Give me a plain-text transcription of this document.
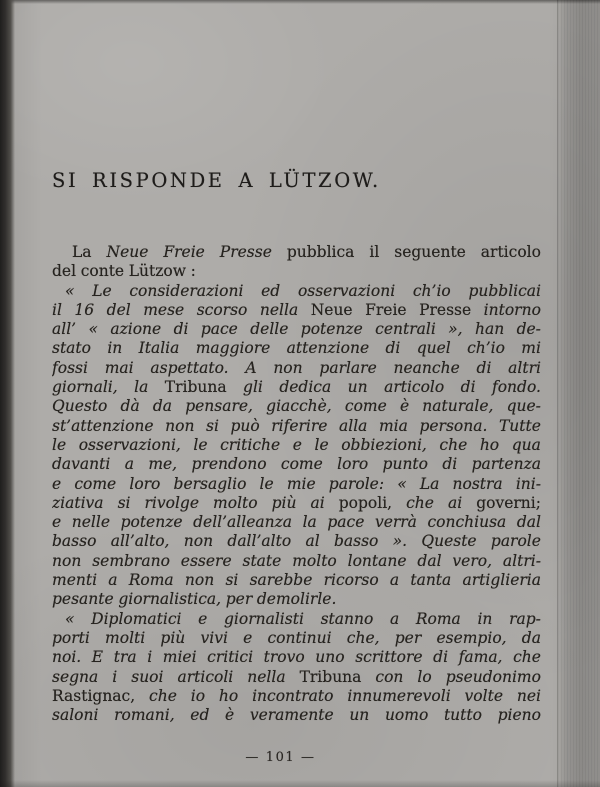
SI RISPONDE A LÜTZOW.
La Neue Freie Presse pubblica il seguente articolo
del conte Lützow :
« Le considerazioni ed osservazioni ch’io pubblicai
il 16 del mese scorso nella Neue Freie Presse intorno
all’ « azione di pace delle potenze centrali », han de-
stato in Italia maggiore attenzione di quel ch’io mi
fossi mai aspettato. A non parlare neanche di altri
giornali, la Tribuna gli dedica un articolo di fondo.
Questo dà da pensare, giacchè, come è naturale, que-
st’attenzione non si può riferire alla mia persona. Tutte
le osservazioni, le critiche e le obbiezioni, che ho qua
davanti a me, prendono come loro punto di partenza
e come loro bersaglio le mie parole: « La nostra ini-
ziativa si rivolge molto più ai popoli, che ai governi;
e nelle potenze dell’alleanza la pace verrà conchiusa dal
basso all’alto, non dall’alto al basso ». Queste parole
non sembrano essere state molto lontane dal vero, altri-
menti a Roma non si sarebbe ricorso a tanta artiglieria
pesante giornalistica, per demolirle.
« Diplomatici e giornalisti stanno a Roma in rap-
porti molti più vivi e continui che, per esempio, da
noi. E tra i miei critici trovo uno scrittore di fama, che
segna i suoi articoli nella Tribuna con lo pseudonimo
Rastignac, che io ho incontrato innumerevoli volte nei
saloni romani, ed è veramente un uomo tutto pieno
— 101 —
